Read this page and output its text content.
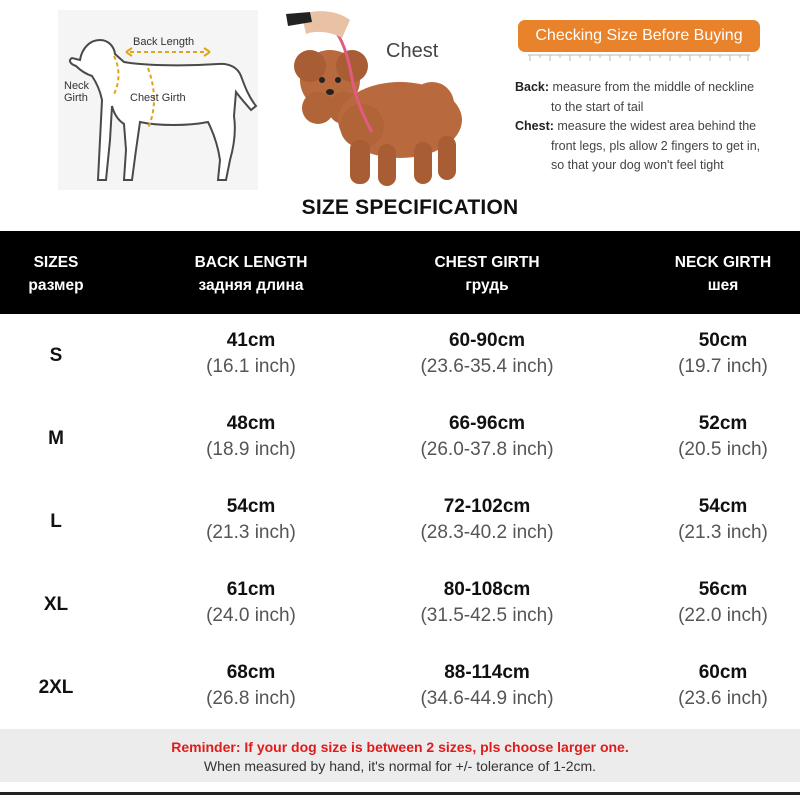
Back Length
Neck Girth	Chest Girth
Chest
Checking Size Before Buying
Back: measure from the middle of neckline
to the start of tail
Chest: measure the widest area behind the
front legs, pls allow 2 fingers to get in,
so that your dog won't feel tight
SIZE SPECIFICATION
SIZES
размер
BACK LENGTH
задняя длина
CHEST GIRTH
грудь
NECK GIRTH
шея
S
41cm
(16.1 inch)
60-90cm
(23.6-35.4 inch)
50cm
(19.7 inch)
M
48cm
(18.9 inch)
66-96cm
(26.0-37.8 inch)
52cm
(20.5 inch)
L
54cm
(21.3 inch)
72-102cm
(28.3-40.2 inch)
54cm
(21.3 inch)
XL
61cm
(24.0 inch)
80-108cm
(31.5-42.5 inch)
56cm
(22.0 inch)
2XL
68cm
(26.8 inch)
88-114cm
(34.6-44.9 inch)
60cm
(23.6 inch)
Reminder: If your dog size is between 2 sizes, pls choose larger one.
When measured by hand, it's normal for +/- tolerance of 1-2cm.
